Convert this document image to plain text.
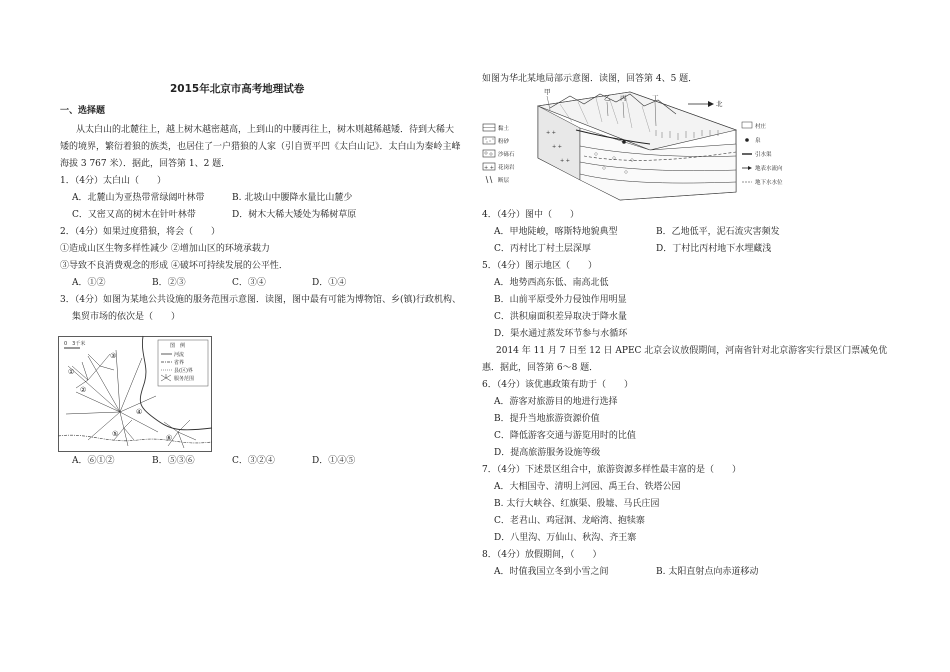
2015年北京市高考地理试卷
一、选择题
从太白山的北麓往上，越上树木越密越高，上到山的中腰再往上，树木则越稀越矮．待到大稀大
矮的境界，繁衍着狼的族类，也居住了一户猎狼的人家（引自贾平凹《太白山记》．太白山为秦岭主峰
海拔 3 767 米）．据此，回答第 1、2 题．
1．（4分）太白山（　　）
A．北麓山为亚热带常绿阔叶林带	B. 北坡山中腰降水量比山麓少
C．又密又高的树木在针叶林带	D．树木大稀大矮处为稀树草原
2．（4分）如果过度猎狼，将会（　　）
①造成山区生物多样性减少 ②增加山区的环境承载力
③导致不良消费观念的形成 ④破坏可持续发展的公平性．
A．①②	B．②③	C．③④	D．①④
3．（4分）如图为某地公共设施的服务范围示意图．读图，图中最有可能为博物馆、乡(镇)行政机构、
集贸市场的依次是（　　）
0　3千米	图　例
河流
省界
县(区)界
服务范围
①
②
③
④
⑤	⑥
A．⑥①②	B．⑤③⑥	C．③②④	D．①④⑤
如图为华北某地局部示意图．读图，回答第 4、5 题．
黏土
粉砂
沙砾石
+ + 花岗岩
断层
+ +
+ +
+ +
甲
乙 丙	丁
北
村庄
泉
引水渠
地表水流向
地下水水位
4．（4分）图中（　　）
A．甲地陡峻，喀斯特地貌典型	B．乙地低平，泥石流灾害频发
C．丙村比丁村土层深厚	D．丁村比丙村地下水埋藏浅
5．（4分）图示地区（　　）
A．地势西高东低、南高北低
B．山前平原受外力侵蚀作用明显
C．洪积扇面积差异取决于降水量
D．渠水通过蒸发环节参与水循环
2014 年 11 月 7 日至 12 日 APEC 北京会议放假期间，河南省针对北京游客实行景区门票减免优
惠．据此，回答第 6～8 题．
6．（4分）该优惠政策有助于（　　）
A．游客对旅游目的地进行选择
B．提升当地旅游资源价值
C．降低游客交通与游览用时的比值
D．提高旅游服务设施等级
7．（4分）下述景区组合中，旅游资源多样性最丰富的是（　　）
A．大相国寺、清明上河园、禹王台、铁塔公园
B. 太行大峡谷、红旗渠、殷墟、马氏庄园
C．老君山、鸡冠洞、龙峪湾、抱犊寨
D．八里沟、万仙山、秋沟、齐王寨
8．（4分）放假期间，（　　）
A．时值我国立冬到小雪之间	B. 太阳直射点向赤道移动
